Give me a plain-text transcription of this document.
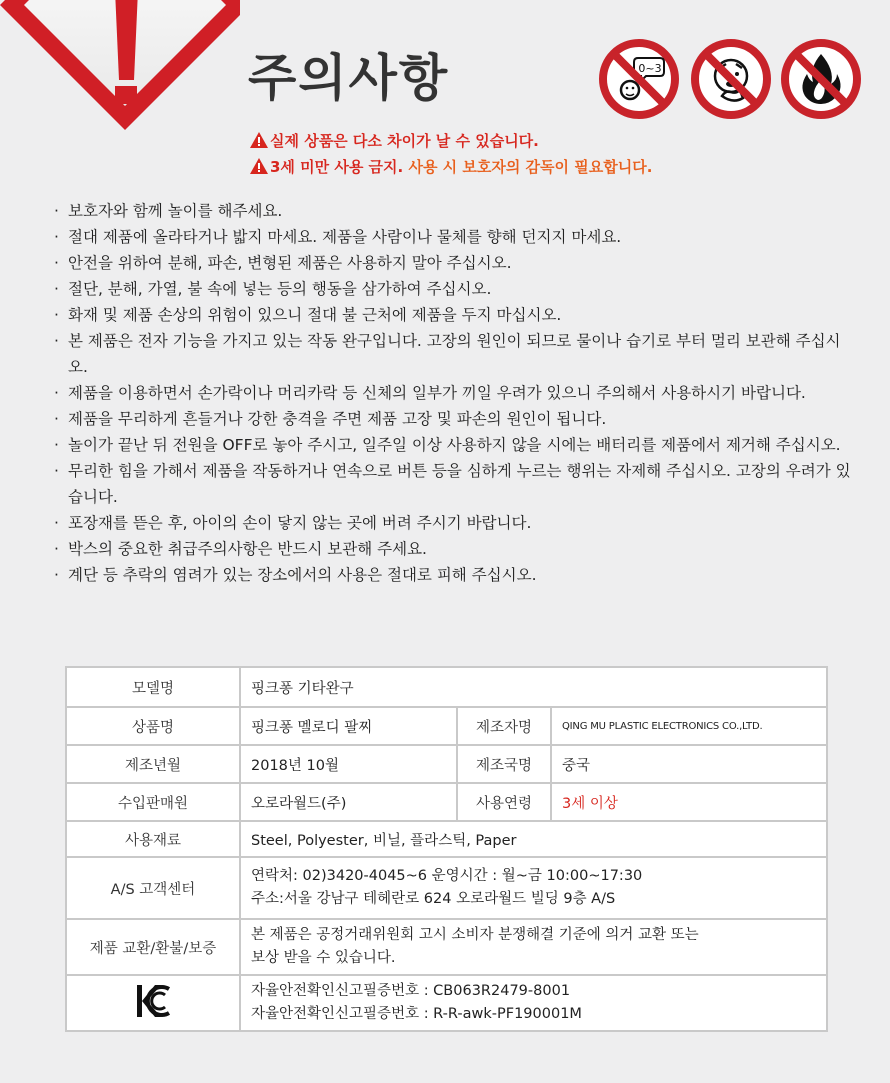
주의사항	0~3
실제 상품은 다소 차이가 날 수 있습니다.
3세 미만 사용 금지. 사용 시 보호자의 감독이 필요합니다.
· 보호자와 함께 놀이를 해주세요.
· 절대 제품에 올라타거나 밟지 마세요. 제품을 사람이나 물체를 향해 던지지 마세요.
· 안전을 위하여 분해, 파손, 변형된 제품은 사용하지 말아 주십시오.
· 절단, 분해, 가열, 불 속에 넣는 등의 행동을 삼가하여 주십시오.
· 화재 및 제품 손상의 위험이 있으니 절대 불 근처에 제품을 두지 마십시오.
· 본 제품은 전자 기능을 가지고 있는 작동 완구입니다. 고장의 원인이 되므로 물이나 습기로 부터 멀리 보관해 주십시오.
· 제품을 이용하면서 손가락이나 머리카락 등 신체의 일부가 끼일 우려가 있으니 주의해서 사용하시기 바랍니다.
· 제품을 무리하게 흔들거나 강한 충격을 주면 제품 고장 및 파손의 원인이 됩니다.
· 놀이가 끝난 뒤 전원을 OFF로 놓아 주시고, 일주일 이상 사용하지 않을 시에는 배터리를 제품에서 제거해 주십시오.
· 무리한 힘을 가해서 제품을 작동하거나 연속으로 버튼 등을 심하게 누르는 행위는 자제해 주십시오. 고장의 우려가 있습니다.
· 포장재를 뜯은 후, 아이의 손이 닿지 않는 곳에 버려 주시기 바랍니다.
· 박스의 중요한 취급주의사항은 반드시 보관해 주세요.
· 계단 등 추락의 염려가 있는 장소에서의 사용은 절대로 피해 주십시오.
모델명	핑크퐁 기타완구		
상품명	핑크퐁 멜로디 팔찌	제조자명	QING MU PLASTIC ELECTRONICS CO.,LTD.
제조년월	2018년 10월	제조국명	중국
수입판매원	오로라월드(주)	사용연령	3세 이상
사용재료	Steel, Polyester, 비닐, 플라스틱, Paper		
A/S 고객센터	연락처: 02)3420-4045~6 운영시간 : 월~금 10:00~17:30
주소:서울 강남구 테헤란로 624 오로라월드 빌딩 9층 A/S		

제품 교환/환불/보증	본 제품은 공정거래위원회 고시 소비자 분쟁해결 기준에 의거 교환 또는
보상 받을 수 있습니다.		

자율안전확인신고필증번호 : CB063R2479-8001
자율안전확인신고필증번호 : R-R-awk-PF190001M		
